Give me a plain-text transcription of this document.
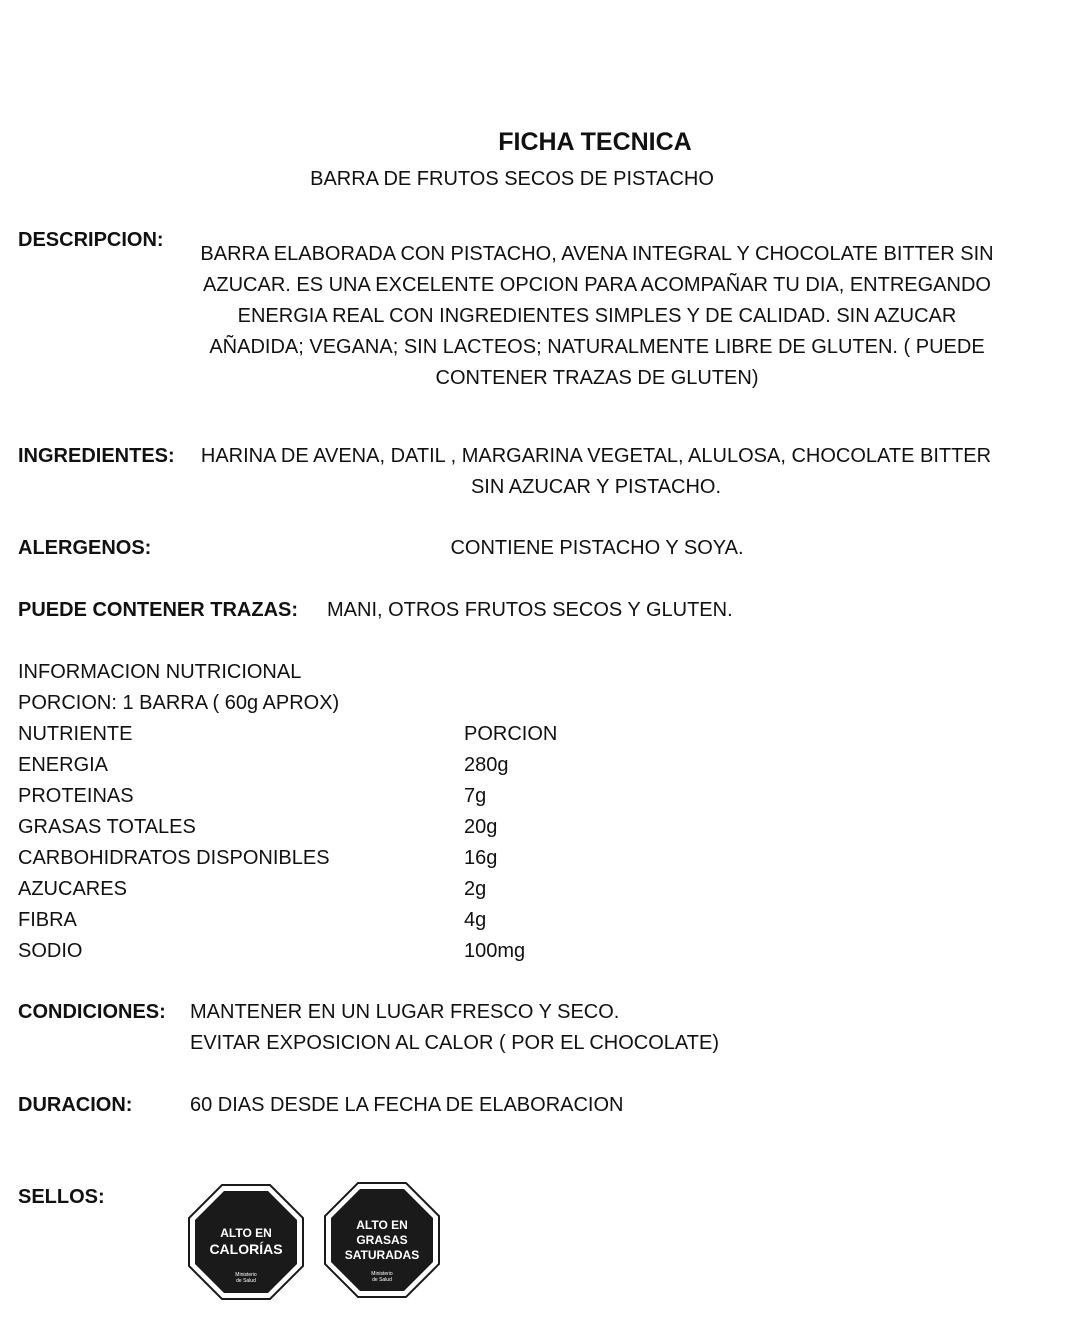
FICHA TECNICA
BARRA DE FRUTOS SECOS DE PISTACHO
DESCRIPCION:
BARRA ELABORADA CON PISTACHO, AVENA INTEGRAL Y CHOCOLATE BITTER SIN AZUCAR. ES UNA EXCELENTE OPCION PARA ACOMPAÑAR TU DIA, ENTREGANDO ENERGIA REAL CON INGREDIENTES SIMPLES Y DE CALIDAD. SIN AZUCAR AÑADIDA; VEGANA; SIN LACTEOS; NATURALMENTE LIBRE DE GLUTEN. ( PUEDE CONTENER TRAZAS DE GLUTEN)
INGREDIENTES:	HARINA DE AVENA, DATIL , MARGARINA VEGETAL, ALULOSA, CHOCOLATE BITTER SIN AZUCAR Y PISTACHO.
ALERGENOS:	CONTIENE PISTACHO Y SOYA.
PUEDE CONTENER TRAZAS: MANI, OTROS FRUTOS SECOS Y GLUTEN.
INFORMACION NUTRICIONAL
PORCION: 1 BARRA ( 60g APROX)
NUTRIENTE	PORCION
ENERGIA	280g
PROTEINAS	7g
GRASAS TOTALES	20g
CARBOHIDRATOS DISPONIBLES	16g
AZUCARES	2g
FIBRA	4g
SODIO	100mg
CONDICIONES: MANTENER EN UN LUGAR FRESCO Y SECO.
EVITAR EXPOSICION AL CALOR ( POR EL CHOCOLATE)
DURACION:	60 DIAS DESDE LA FECHA DE ELABORACION
SELLOS:
ALTO EN
CALORÍAS
Ministerio
de Salud
ALTO EN
GRASAS
SATURADAS
Ministerio
de Salud
